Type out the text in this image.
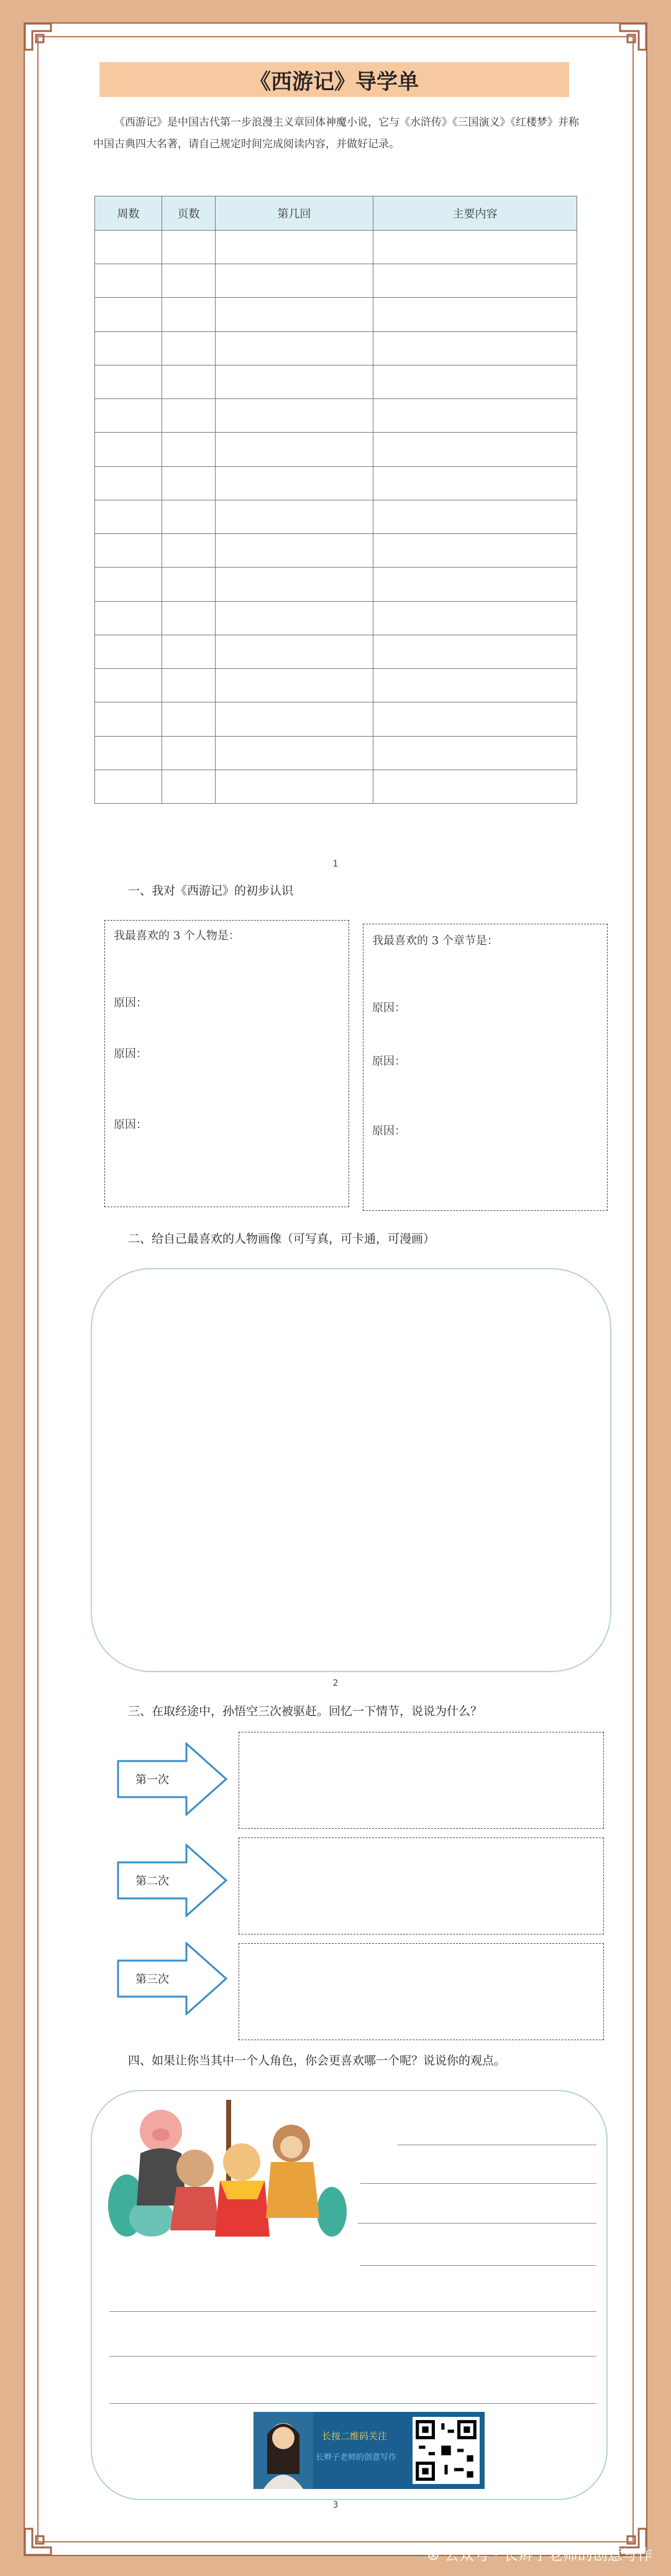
《西游记》导学单
《西游记》是中国古代第一步浪漫主义章回体神魔小说，它与《水浒传》《三国演义》《红楼梦》并称中国古典四大名著，请自己规定时间完成阅读内容，并做好记录。
周数	页数	第几回	主要内容

1
一、我对《西游记》的初步认识
我最喜欢的 3 个人物是：
原因：
原因：
原因：
我最喜欢的 3 个章节是：
原因：
原因：
原因：
二、给自己最喜欢的人物画像（可写真，可卡通，可漫画）
2
三、在取经途中，孙悟空三次被驱赶。回忆一下情节，说说为什么？
第一次
第二次
第三次
四、如果让你当其中一个人角色，你会更喜欢哪一个呢？说说你的观点。
长按二维码关注
长辫子老师的创意写作
3
⊛ 公众号 · 长辫子老师的创意写作
